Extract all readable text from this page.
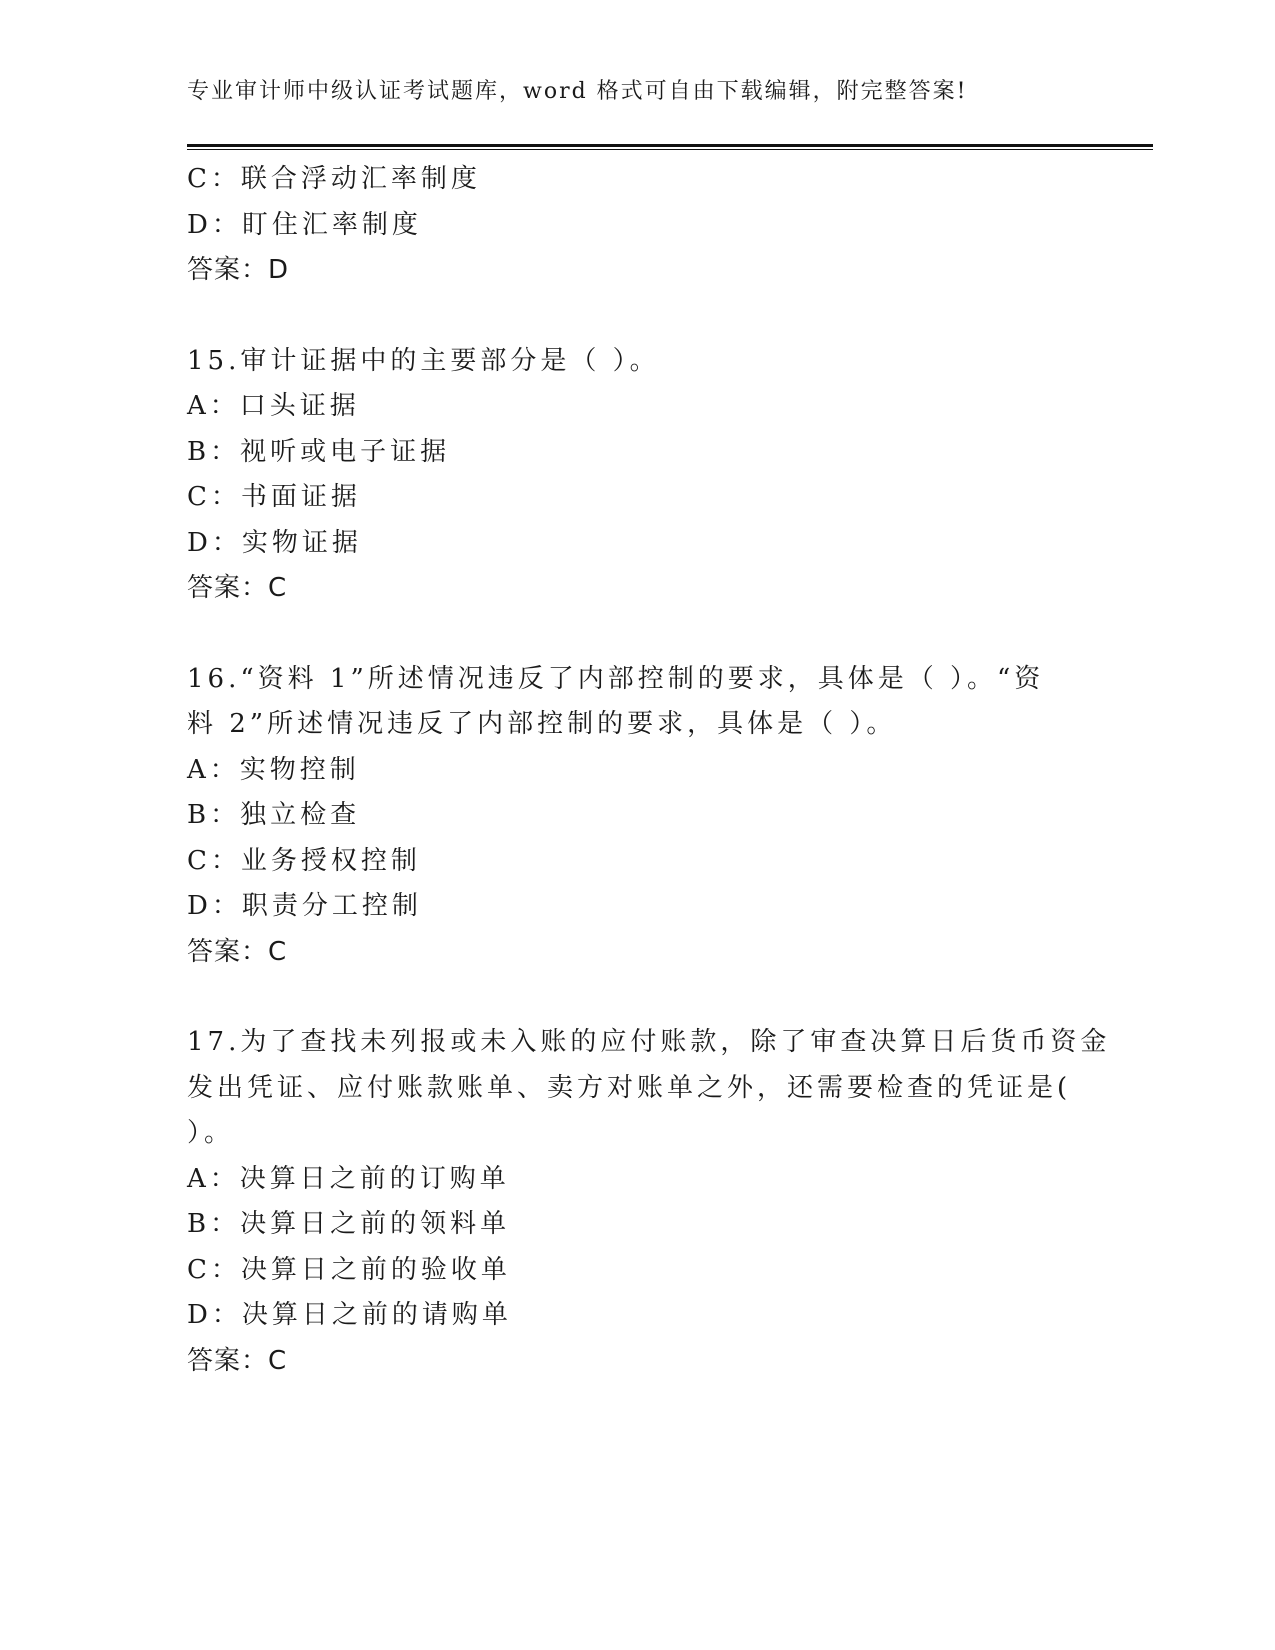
专业审计师中级认证考试题库，word 格式可自由下载编辑，附完整答案!
C：联合浮动汇率制度
D：盯住汇率制度
答案：D
15.审计证据中的主要部分是（ ）。
A：口头证据
B：视听或电子证据
C：书面证据
D：实物证据
答案：C
16.“资料 1”所述情况违反了内部控制的要求，具体是（ ）。“资
料 2”所述情况违反了内部控制的要求，具体是（ ）。
A：实物控制
B：独立检查
C：业务授权控制
D：职责分工控制
答案：C
17.为了查找未列报或未入账的应付账款，除了审查决算日后货币资金
发出凭证、应付账款账单、卖方对账单之外，还需要检查的凭证是(
）。
A：决算日之前的订购单
B：决算日之前的领料单
C：决算日之前的验收单
D：决算日之前的请购单
答案：C
